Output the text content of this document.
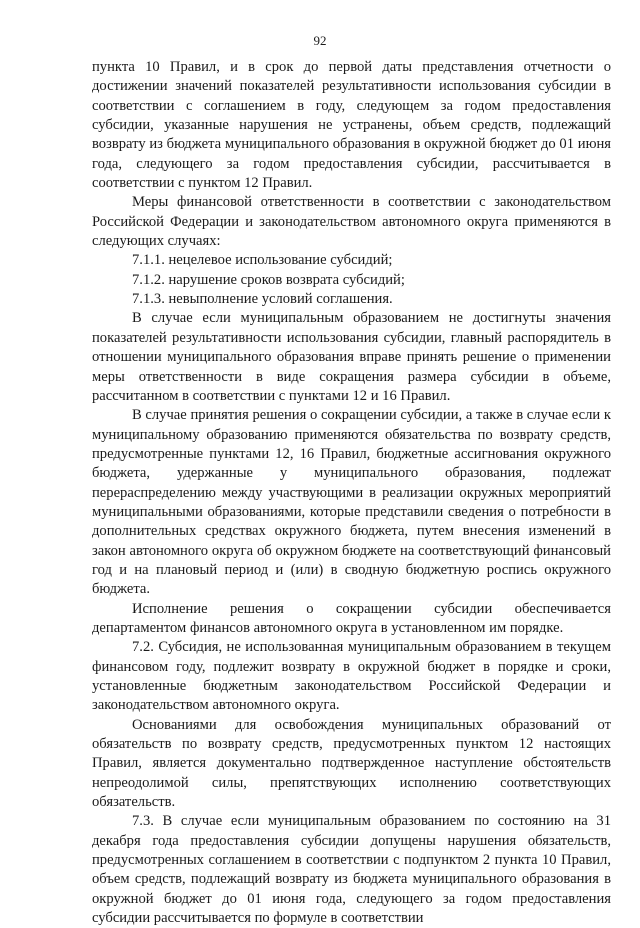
92

пункта 10 Правил, и в срок до первой даты представления отчетности о достижении значений показателей результативности использования субсидии в соответствии с соглашением в году, следующем за годом предоставления субсидии, указанные нарушения не устранены, объем средств, подлежащий возврату из бюджета муниципального образования в окружной бюджет до 01 июня года, следующего за годом предоставления субсидии, рассчитывается в соответствии с пунктом 12 Правил.

Меры финансовой ответственности в соответствии с законодательством Российской Федерации и законодательством автономного округа применяются в следующих случаях:

7.1.1. нецелевое использование субсидий;

7.1.2. нарушение сроков возврата субсидий;

7.1.3. невыполнение условий соглашения.

В случае если муниципальным образованием не достигнуты значения показателей результативности использования субсидии, главный распорядитель в отношении муниципального образования вправе принять решение о применении меры ответственности в виде сокращения размера субсидии в объеме, рассчитанном в соответствии с пунктами 12 и 16 Правил.

В случае принятия решения о сокращении субсидии, а также в случае если к муниципальному образованию применяются обязательства по возврату средств, предусмотренные пунктами 12, 16 Правил, бюджетные ассигнования окружного бюджета, удержанные у муниципального образования, подлежат перераспределению между участвующими в реализации окружных мероприятий муниципальными образованиями, которые представили сведения о потребности в дополнительных средствах окружного бюджета, путем внесения изменений в закон автономного округа об окружном бюджете на соответствующий финансовый год и на плановый период и (или) в сводную бюджетную роспись окружного бюджета.

Исполнение решения о сокращении субсидии обеспечивается департаментом финансов автономного округа в установленном им порядке.

7.2. Субсидия, не использованная муниципальным образованием в текущем финансовом году, подлежит возврату в окружной бюджет в порядке и сроки, установленные бюджетным законодательством Российской Федерации и законодательством автономного округа.

Основаниями для освобождения муниципальных образований от обязательств по возврату средств, предусмотренных пунктом 12 настоящих Правил, является документально подтвержденное наступление обстоятельств непреодолимой силы, препятствующих исполнению соответствующих обязательств.

7.3. В случае если муниципальным образованием по состоянию на 31 декабря года предоставления субсидии допущены нарушения обязательств, предусмотренных соглашением в соответствии с подпунктом 2 пункта 10 Правил, объем средств, подлежащий возврату из бюджета муниципального образования в окружной бюджет до 01 июня года, следующего за годом предоставления субсидии рассчитывается по формуле в соответствии
